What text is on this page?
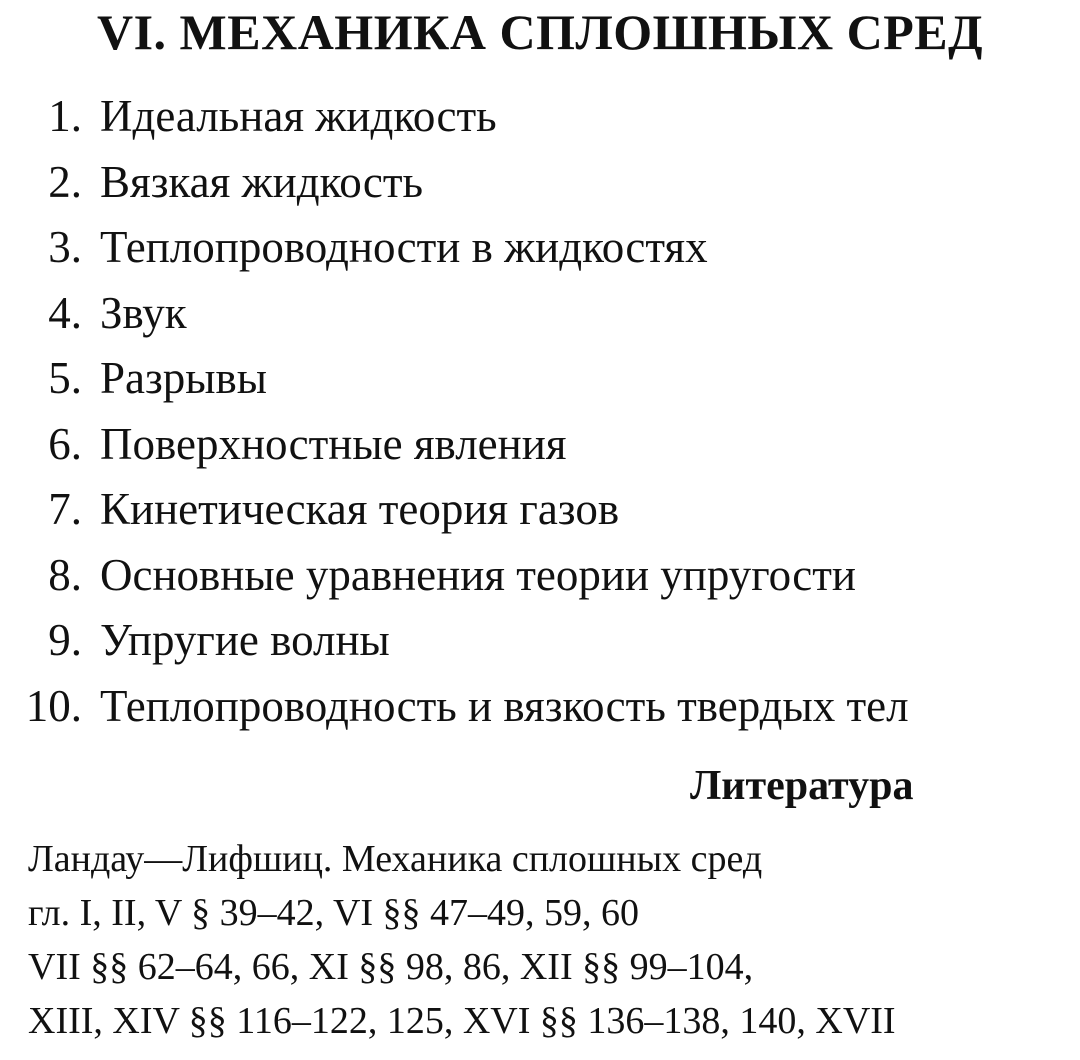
VI. МЕХАНИКА СПЛОШНЫХ СРЕД
1. Идеальная жидкость
2. Вязкая жидкость
3. Теплопроводности в жидкостях
4. Звук
5. Разрывы
6. Поверхностные явления
7. Кинетическая теория газов
8. Основные уравнения теории упругости
9. Упругие волны
10. Теплопроводность и вязкость твердых тел
Литература
Ландау—Лифшиц. Механика сплошных сред
гл. I, II, V § 39–42, VI §§ 47–49, 59, 60
VII §§ 62–64, 66, XI §§ 98, 86, XII §§ 99–104,
XIII, XIV §§ 116–122, 125, XVI §§ 136–138, 140, XVII
